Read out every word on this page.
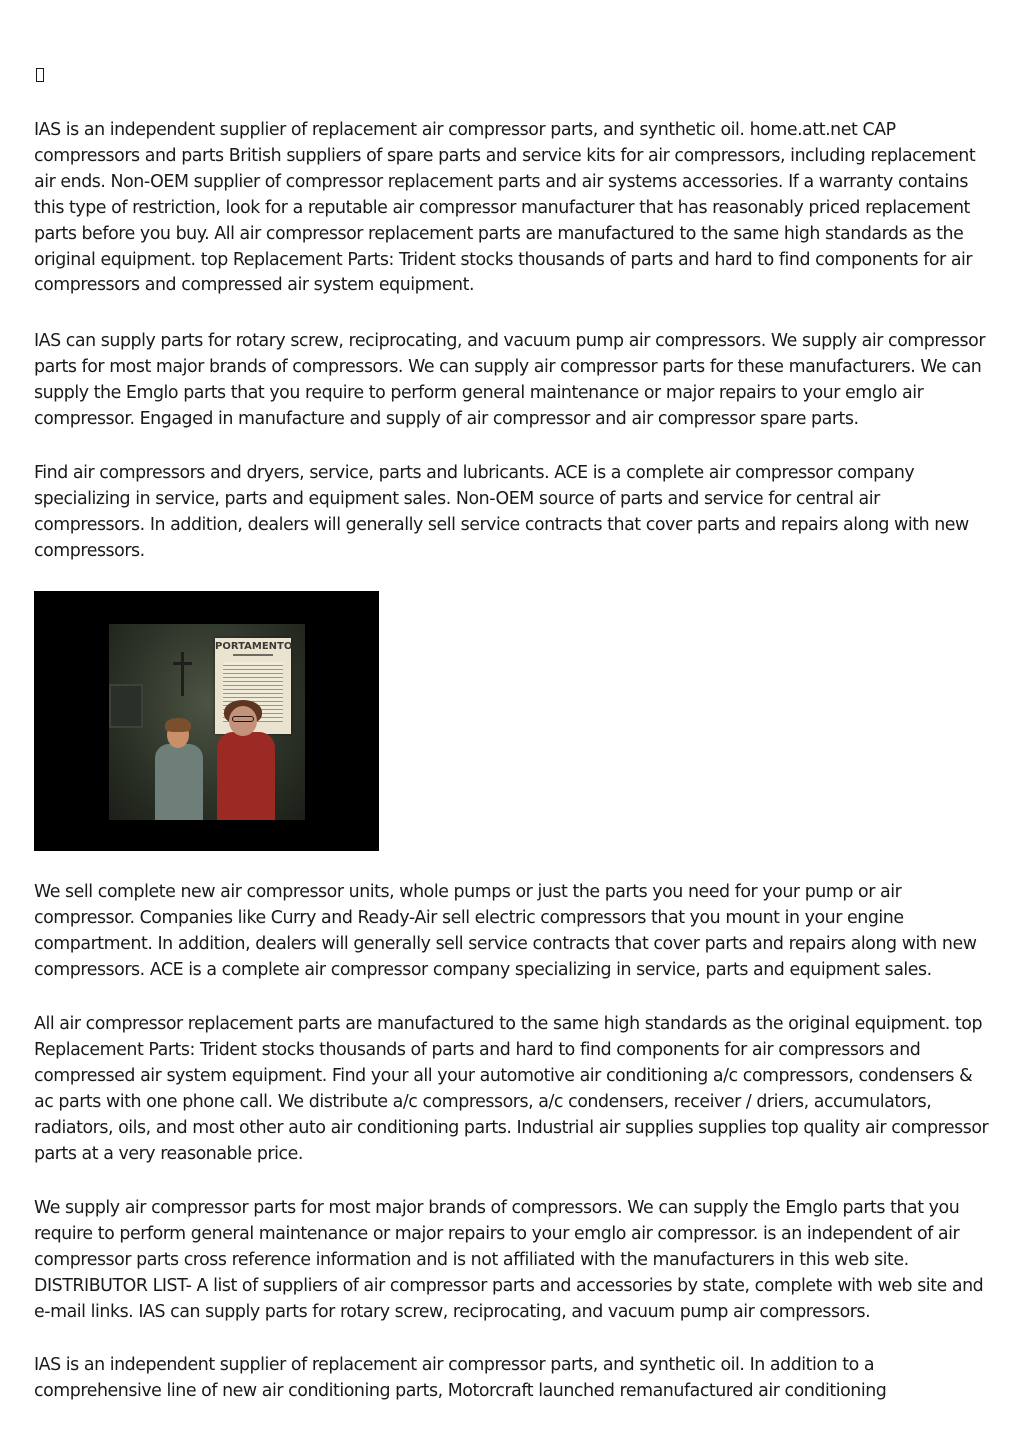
IAS is an independent supplier of replacement air compressor parts, and synthetic oil. home.att.net CAP compressors and parts British suppliers of spare parts and service kits for air compressors, including replacement air ends. Non-OEM supplier of compressor replacement parts and air systems accessories. If a warranty contains this type of restriction, look for a reputable air compressor manufacturer that has reasonably priced replacement parts before you buy. All air compressor replacement parts are manufactured to the same high standards as the original equipment. top Replacement Parts: Trident stocks thousands of parts and hard to find components for air compressors and compressed air system equipment.

IAS can supply parts for rotary screw, reciprocating, and vacuum pump air compressors. We supply air compressor parts for most major brands of compressors. We can supply air compressor parts for these manufacturers. We can supply the Emglo parts that you require to perform general maintenance or major repairs to your emglo air compressor. Engaged in manufacture and supply of air compressor and air compressor spare parts.

Find air compressors and dryers, service, parts and lubricants. ACE is a complete air compressor company specializing in service, parts and equipment sales. Non-OEM source of parts and service for central air compressors. In addition, dealers will generally sell service contracts that cover parts and repairs along with new compressors.

PORTAMENTO

We sell complete new air compressor units, whole pumps or just the parts you need for your pump or air compressor. Companies like Curry and Ready-Air sell electric compressors that you mount in your engine compartment. In addition, dealers will generally sell service contracts that cover parts and repairs along with new compressors. ACE is a complete air compressor company specializing in service, parts and equipment sales.

All air compressor replacement parts are manufactured to the same high standards as the original equipment. top Replacement Parts: Trident stocks thousands of parts and hard to find components for air compressors and compressed air system equipment. Find your all your automotive air conditioning a/c compressors, condensers & ac parts with one phone call. We distribute a/c compressors, a/c condensers, receiver / driers, accumulators, radiators, oils, and most other auto air conditioning parts. Industrial air supplies supplies top quality air compressor parts at a very reasonable price.

We supply air compressor parts for most major brands of compressors. We can supply the Emglo parts that you require to perform general maintenance or major repairs to your emglo air compressor. is an independent of air compressor parts cross reference information and is not affiliated with the manufacturers in this web site. DISTRIBUTOR LIST- A list of suppliers of air compressor parts and accessories by state, complete with web site and e-mail links. IAS can supply parts for rotary screw, reciprocating, and vacuum pump air compressors.

IAS is an independent supplier of replacement air compressor parts, and synthetic oil. In addition to a comprehensive line of new air conditioning parts, Motorcraft launched remanufactured air conditioning
